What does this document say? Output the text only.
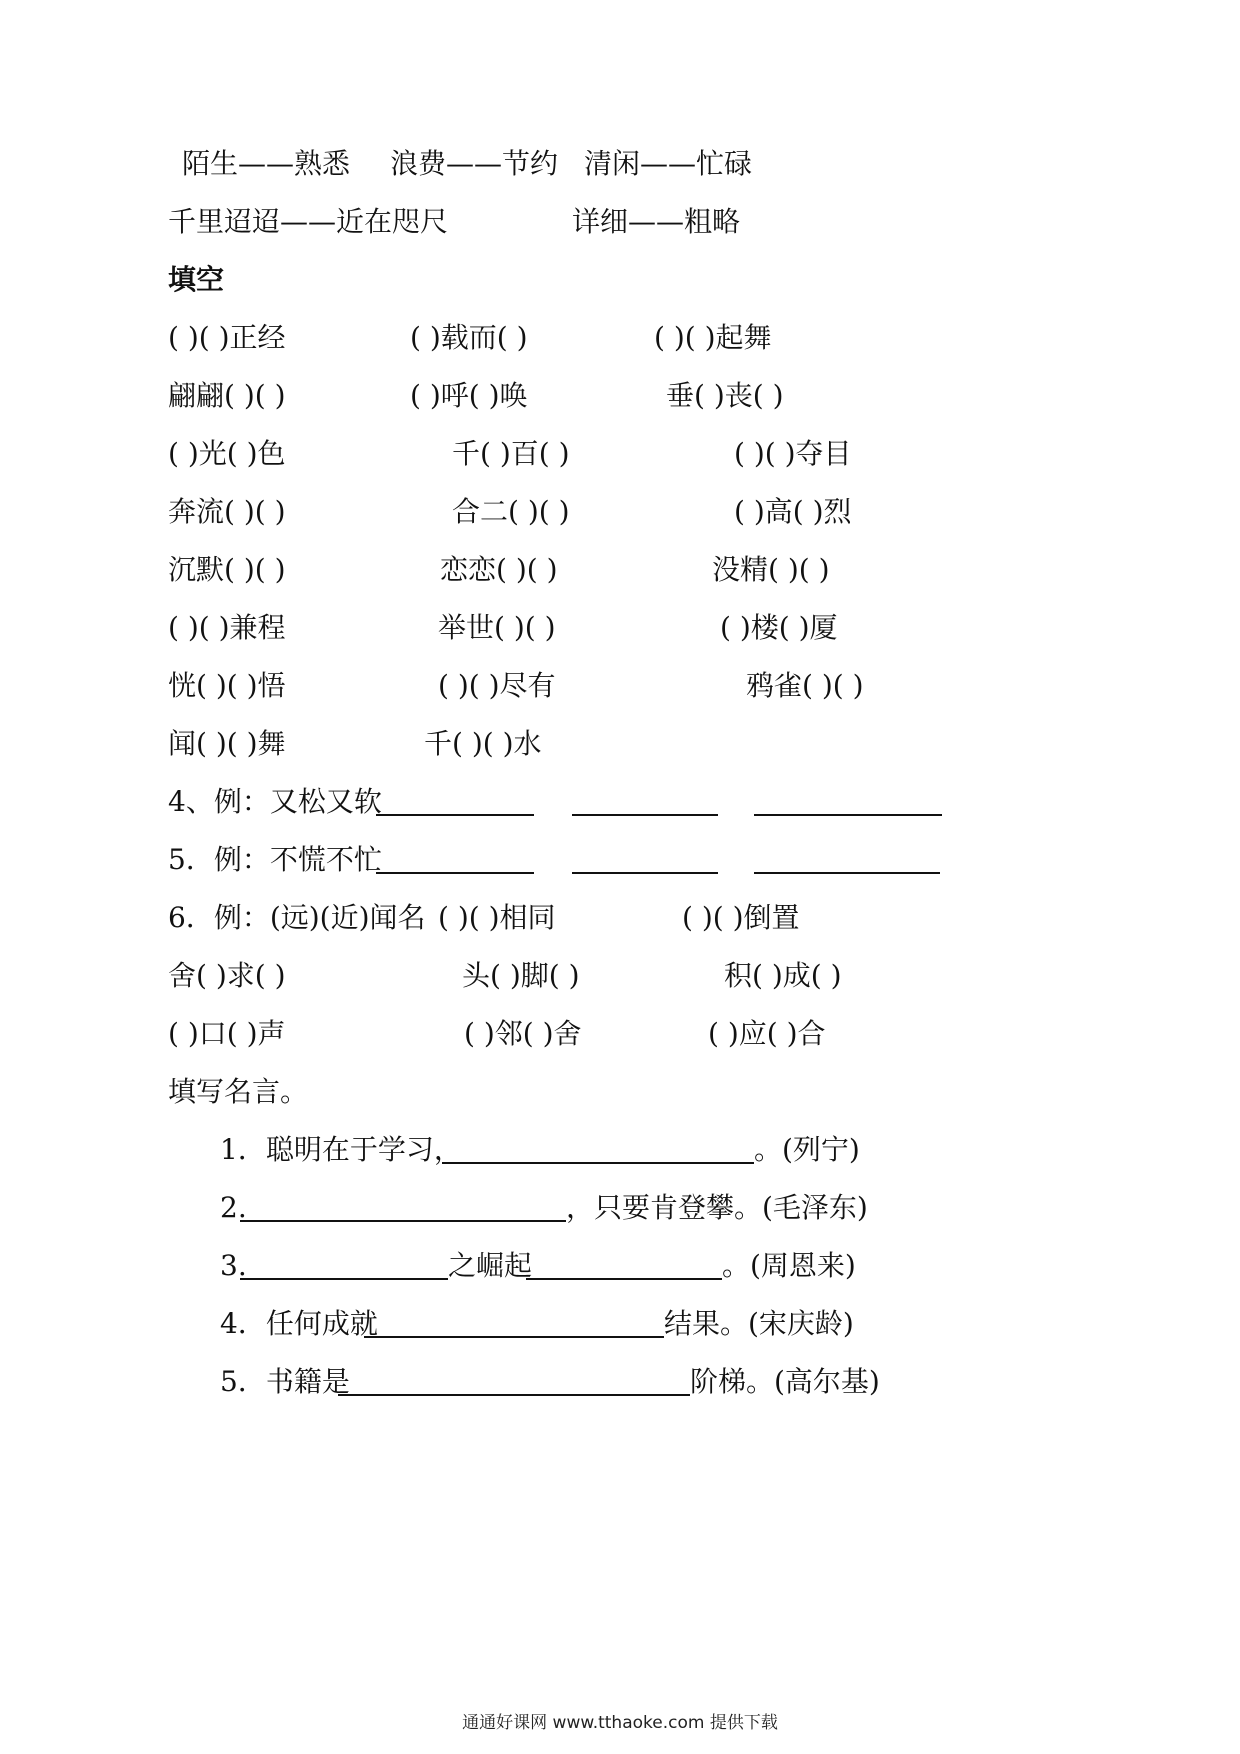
陌生——熟悉 浪费——节约 清闲——忙碌
千里迢迢——近在咫尺	详细——粗略
填空
( )( )正经	( )载而( )	( )( )起舞
翩翩( )( )	( )呼( )唤	垂( )丧( )
( )光( )色	千( )百( )	( )( )夺目
奔流( )( )	合二( )( )	( )高( )烈
沉默( )( )	恋恋( )( )	没精( )( )
( )( )兼程	举世( )( )	( )楼( )厦
恍( )( )悟	( )( )尽有	鸦雀( )( )
闻( )( )舞	千( )( )水
4、例：又松又软
5．例：不慌不忙
6．例：(远)(近)闻名 ( )( )相同	( )( )倒置
舍( )求( )	头( )脚( )	积( )成( )
( )口( )声	( )邻( )舍	( )应( )合
填写名言。
1．聪明在于学习，	。(列宁)
2.	，只要肯登攀。(毛泽东)
3.	之崛起	。(周恩来)
4．任何成就	结果。(宋庆龄)
5．书籍是	阶梯。(高尔基)
通通好课网 www.tthaoke.com 提供下载
